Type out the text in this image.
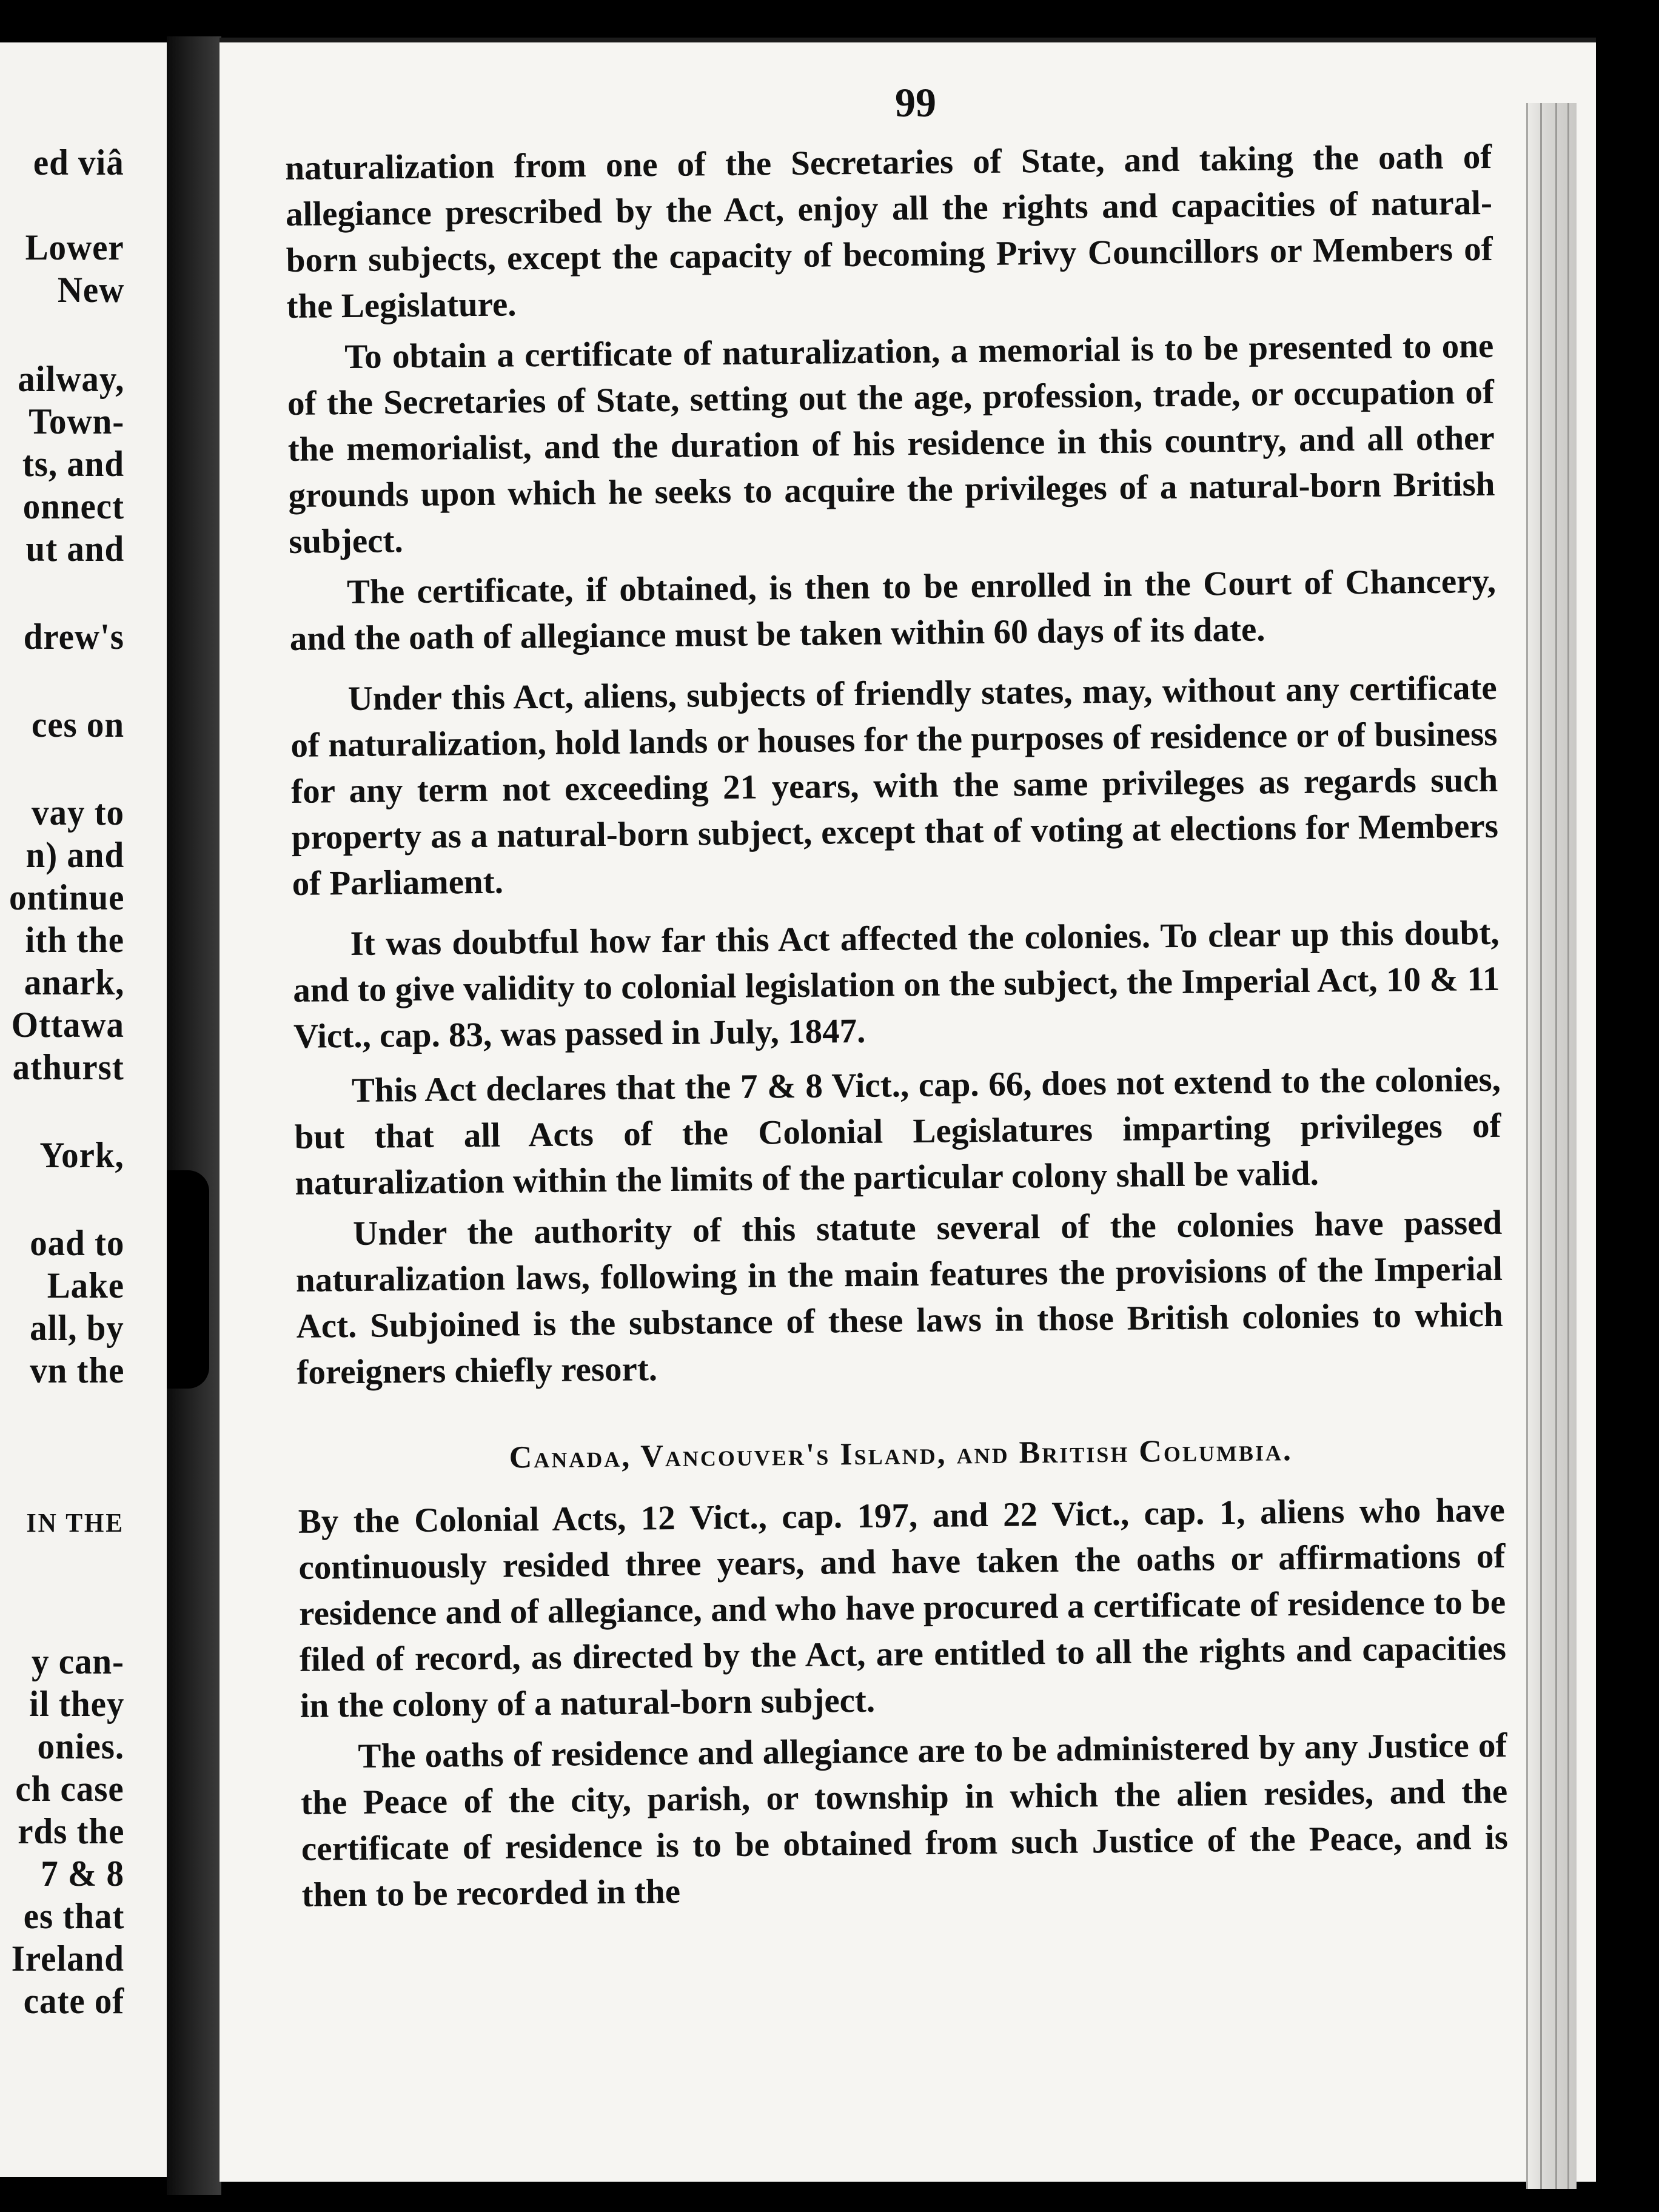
ed viâ
Lower
New
ailway,
Town-
ts, and
onnect
ut and
drew's
ces on
vay to
n) and
ontinue
ith the
anark,
Ottawa
athurst
York,
oad to
Lake
all, by
vn the
IN THE
y can-
il they
onies.
ch case
rds the
7 & 8
es that
Ireland
cate of
99

naturalization from one of the Secretaries of State, and taking the oath of allegiance prescribed by the Act, enjoy all the rights and capacities of natural-born subjects, except the capacity of becoming Privy Councillors or Members of the Legislature.

To obtain a certificate of naturalization, a memorial is to be presented to one of the Secretaries of State, setting out the age, profession, trade, or occupation of the memorialist, and the duration of his residence in this country, and all other grounds upon which he seeks to acquire the privileges of a natural-born British subject.

The certificate, if obtained, is then to be enrolled in the Court of Chancery, and the oath of allegiance must be taken within 60 days of its date.

Under this Act, aliens, subjects of friendly states, may, without any certificate of naturalization, hold lands or houses for the purposes of residence or of business for any term not exceeding 21 years, with the same privileges as regards such property as a natural-born subject, except that of voting at elections for Members of Parliament.

It was doubtful how far this Act affected the colonies. To clear up this doubt, and to give validity to colonial legislation on the subject, the Imperial Act, 10 & 11 Vict., cap. 83, was passed in July, 1847.

This Act declares that the 7 & 8 Vict., cap. 66, does not extend to the colonies, but that all Acts of the Colonial Legislatures imparting privileges of naturalization within the limits of the particular colony shall be valid.

Under the authority of this statute several of the colonies have passed naturalization laws, following in the main features the provisions of the Imperial Act. Subjoined is the substance of these laws in those British colonies to which foreigners chiefly resort.

Canada, Vancouver's Island, and British Columbia.

By the Colonial Acts, 12 Vict., cap. 197, and 22 Vict., cap. 1, aliens who have continuously resided three years, and have taken the oaths or affirmations of residence and of allegiance, and who have procured a certificate of residence to be filed of record, as directed by the Act, are entitled to all the rights and capacities in the colony of a natural-born subject.

The oaths of residence and allegiance are to be administered by any Justice of the Peace of the city, parish, or township in which the alien resides, and the certificate of residence is to be obtained from such Justice of the Peace, and is then to be recorded in the
